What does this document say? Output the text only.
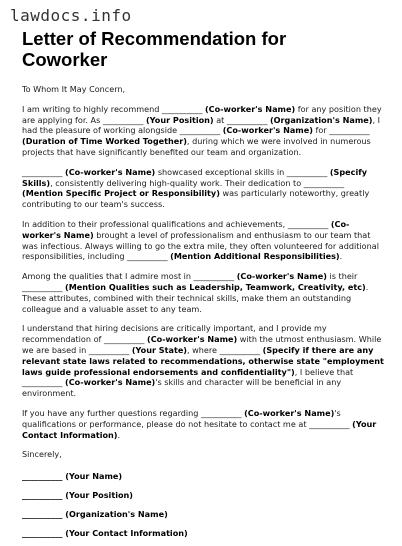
lawdocs.info
Letter of Recommendation for
Coworker

To Whom It May Concern,

I am writing to highly recommend __________ (Co-worker's Name) for any position they are applying for. As __________ (Your Position) at __________ (Organization's Name), I had the pleasure of working alongside __________ (Co-worker's Name) for __________ (Duration of Time Worked Together), during which we were involved in numerous projects that have significantly benefited our team and organization.

__________ (Co-worker's Name) showcased exceptional skills in __________ (Specify Skills), consistently delivering high-quality work. Their dedication to __________ (Mention Specific Project or Responsibility) was particularly noteworthy, greatly contributing to our team's success.

In addition to their professional qualifications and achievements, __________ (Co-worker's Name) brought a level of professionalism and enthusiasm to our team that was infectious. Always willing to go the extra mile, they often volunteered for additional responsibilities, including __________ (Mention Additional Responsibilities).

Among the qualities that I admire most in __________ (Co-worker's Name) is their __________ (Mention Qualities such as Leadership, Teamwork, Creativity, etc). These attributes, combined with their technical skills, make them an outstanding colleague and a valuable asset to any team.

I understand that hiring decisions are critically important, and I provide my recommendation of __________ (Co-worker's Name) with the utmost enthusiasm. While we are based in __________ (Your State), where __________ (Specify if there are any relevant state laws related to recommendations, otherwise state "employment laws guide professional endorsements and confidentiality"), I believe that __________ (Co-worker's Name)'s skills and character will be beneficial in any environment.

If you have any further questions regarding __________ (Co-worker's Name)'s qualifications or performance, please do not hesitate to contact me at __________ (Your Contact Information).

Sincerely,

__________ (Your Name)
__________ (Your Position)
__________ (Organization's Name)
__________ (Your Contact Information)
